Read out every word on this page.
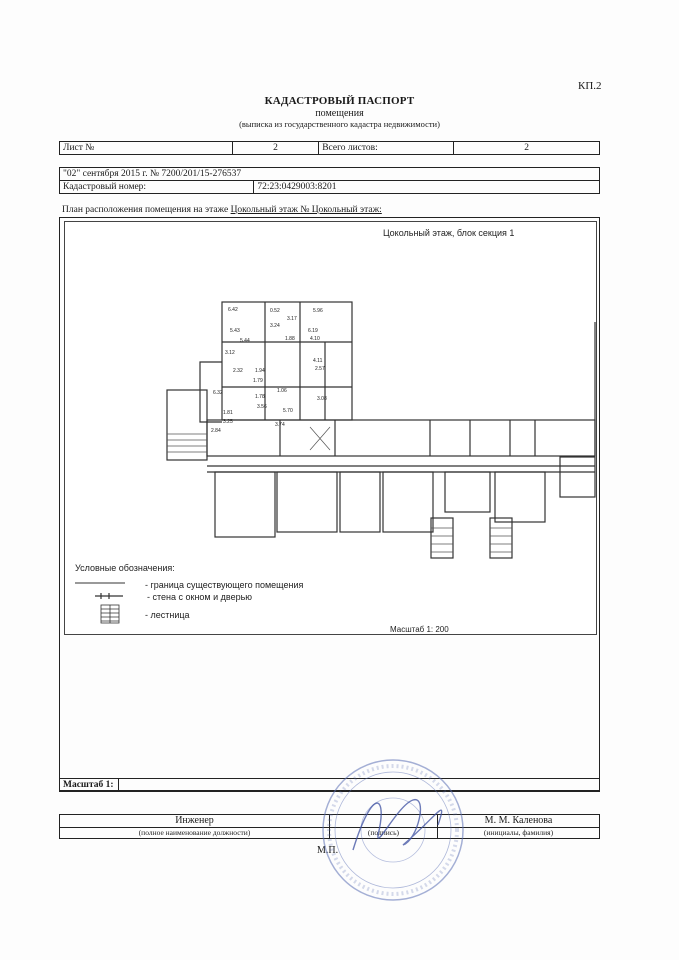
КП.2
КАДАСТРОВЫЙ ПАСПОРТ
помещения
(выписка из государственного кадастра недвижимости)
Лист №	2	Всего листов:	2
"02" сентября 2015 г. № 7200/201/15-276537
Кадастровый номер:	72:23:0429003:8201
План расположения помещения на этаже Цокольный этаж № Цокольный этаж:
6.42	0.52
3.17
3.24
5.96
5.43
3.12
5.44
6.19
1.88	4.10
4.11
2.32 1.94	2.57
6.32
3.08
3.74
3.25
2.84
1.81
1.79
1.78
1.06
5.70
3.56
Цокольный этаж, блок секция 1
Условные обозначения:
- граница существующего помещения
- стена с окном и дверью
- лестница
Масштаб 1: 200
Масштаб 1:	
Инженер		М. М. Каленова
(полное наименование должности)	(подпись)	(инициалы, фамилия)
М.П.
